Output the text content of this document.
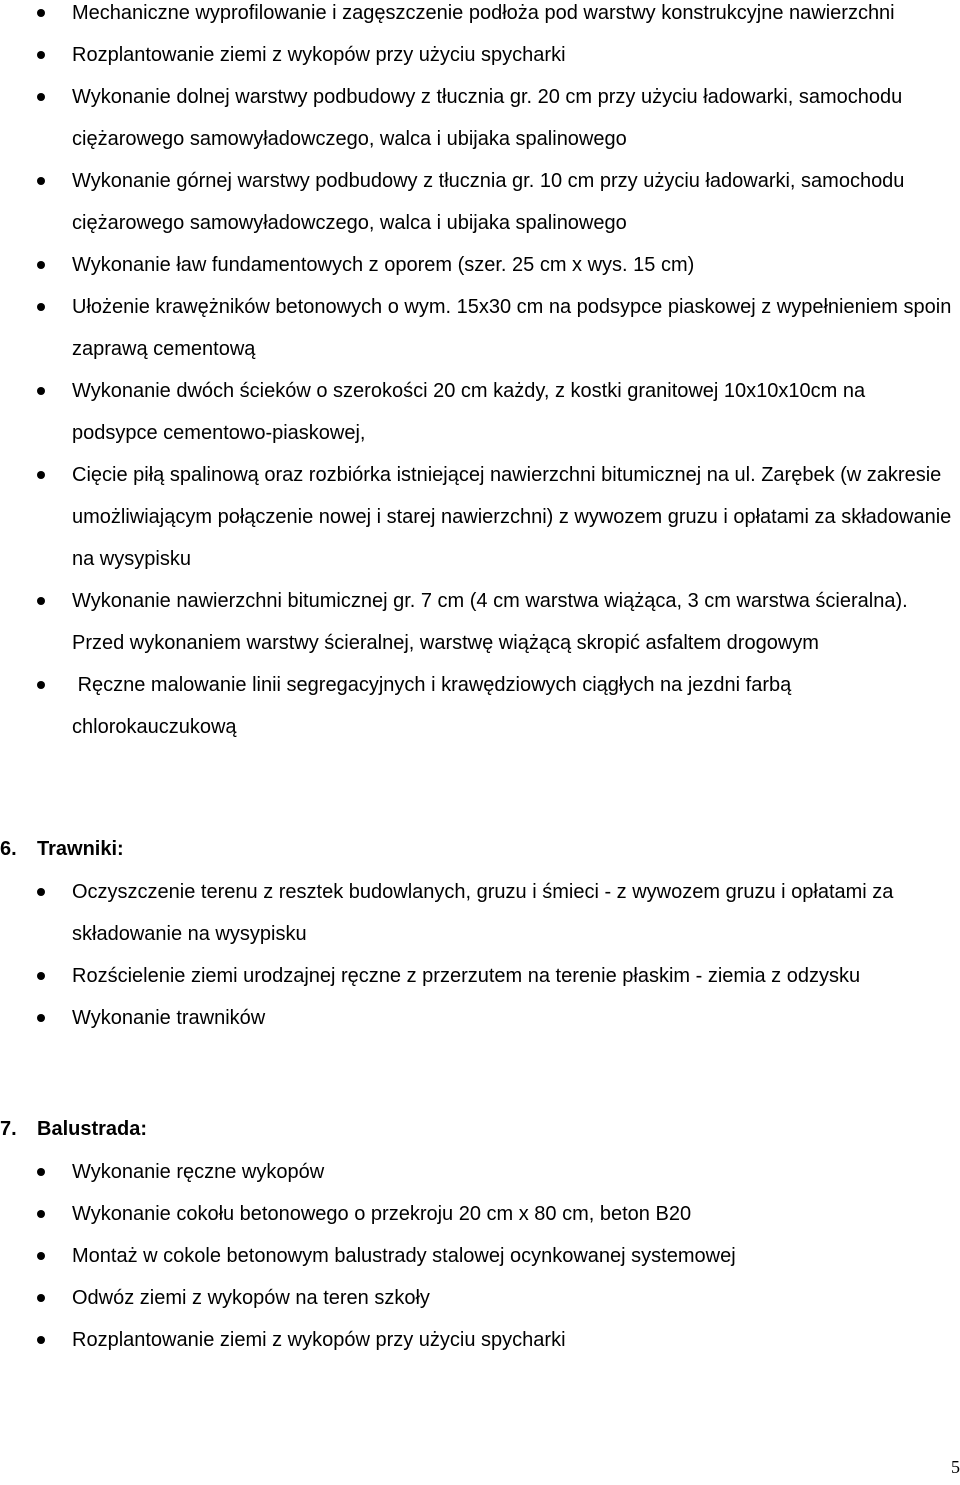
Mechaniczne wyprofilowanie i zagęszczenie podłoża pod warstwy konstrukcyjne nawierzchni
Rozplantowanie ziemi z wykopów przy użyciu spycharki
Wykonanie dolnej warstwy podbudowy z tłucznia gr. 20 cm przy użyciu ładowarki, samochodu ciężarowego samowyładowczego, walca i ubijaka spalinowego
Wykonanie górnej warstwy podbudowy z tłucznia gr. 10 cm przy użyciu ładowarki, samochodu ciężarowego samowyładowczego, walca i ubijaka spalinowego
Wykonanie ław fundamentowych z oporem (szer. 25 cm x wys. 15 cm)
Ułożenie krawężników betonowych o wym. 15x30 cm na podsypce piaskowej z wypełnieniem spoin zaprawą cementową
Wykonanie dwóch ścieków o szerokości 20 cm każdy, z kostki granitowej 10x10x10cm na podsypce cementowo-piaskowej,
Cięcie piłą spalinową oraz rozbiórka istniejącej nawierzchni bitumicznej na ul. Zarębek (w zakresie umożliwiającym połączenie nowej i starej nawierzchni) z wywozem gruzu i opłatami za składowanie na wysypisku
Wykonanie nawierzchni bitumicznej gr. 7 cm (4 cm warstwa wiążąca, 3 cm warstwa ścieralna). Przed wykonaniem warstwy ścieralnej, warstwę wiążącą skropić asfaltem drogowym
Ręczne malowanie linii segregacyjnych i krawędziowych ciągłych na jezdni farbą chlorokauczukową
6. Trawniki:
Oczyszczenie terenu z resztek budowlanych, gruzu i śmieci - z wywozem gruzu i opłatami za składowanie na wysypisku
Rozścielenie ziemi urodzajnej ręczne z przerzutem na terenie płaskim - ziemia z odzysku
Wykonanie trawników
7. Balustrada:
Wykonanie ręczne wykopów
Wykonanie cokołu betonowego o przekroju 20 cm x 80 cm, beton B20
Montaż w cokole betonowym balustrady stalowej ocynkowanej systemowej
Odwóz ziemi z wykopów na teren szkoły
Rozplantowanie ziemi z wykopów przy użyciu spycharki
5
